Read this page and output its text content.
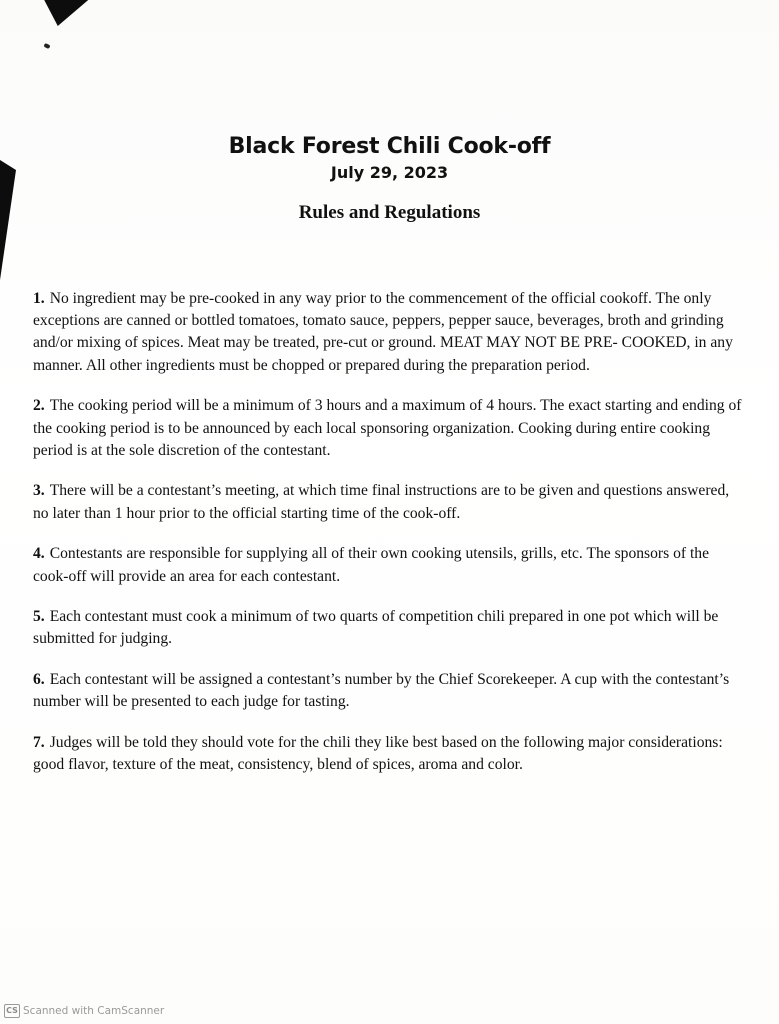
Black Forest Chili Cook-off

July 29, 2023

Rules and Regulations
1. No ingredient may be pre-cooked in any way prior to the commencement of the official cookoff. The only exceptions are canned or bottled tomatoes, tomato sauce, peppers, pepper sauce, beverages, broth and grinding and/or mixing of spices. Meat may be treated, pre-cut or ground. MEAT MAY NOT BE PRE- COOKED, in any manner. All other ingredients must be chopped or prepared during the preparation period.
2. The cooking period will be a minimum of 3 hours and a maximum of 4 hours. The exact starting and ending of the cooking period is to be announced by each local sponsoring organization. Cooking during entire cooking period is at the sole discretion of the contestant.
3. There will be a contestant’s meeting, at which time final instructions are to be given and questions answered, no later than 1 hour prior to the official starting time of the cook-off.
4. Contestants are responsible for supplying all of their own cooking utensils, grills, etc. The sponsors of the cook-off will provide an area for each contestant.
5. Each contestant must cook a minimum of two quarts of competition chili prepared in one pot which will be submitted for judging.
6. Each contestant will be assigned a contestant’s number by the Chief Scorekeeper. A cup with the contestant’s number will be presented to each judge for tasting.
7. Judges will be told they should vote for the chili they like best based on the following major considerations: good flavor, texture of the meat, consistency, blend of spices, aroma and color.
CS Scanned with CamScanner
